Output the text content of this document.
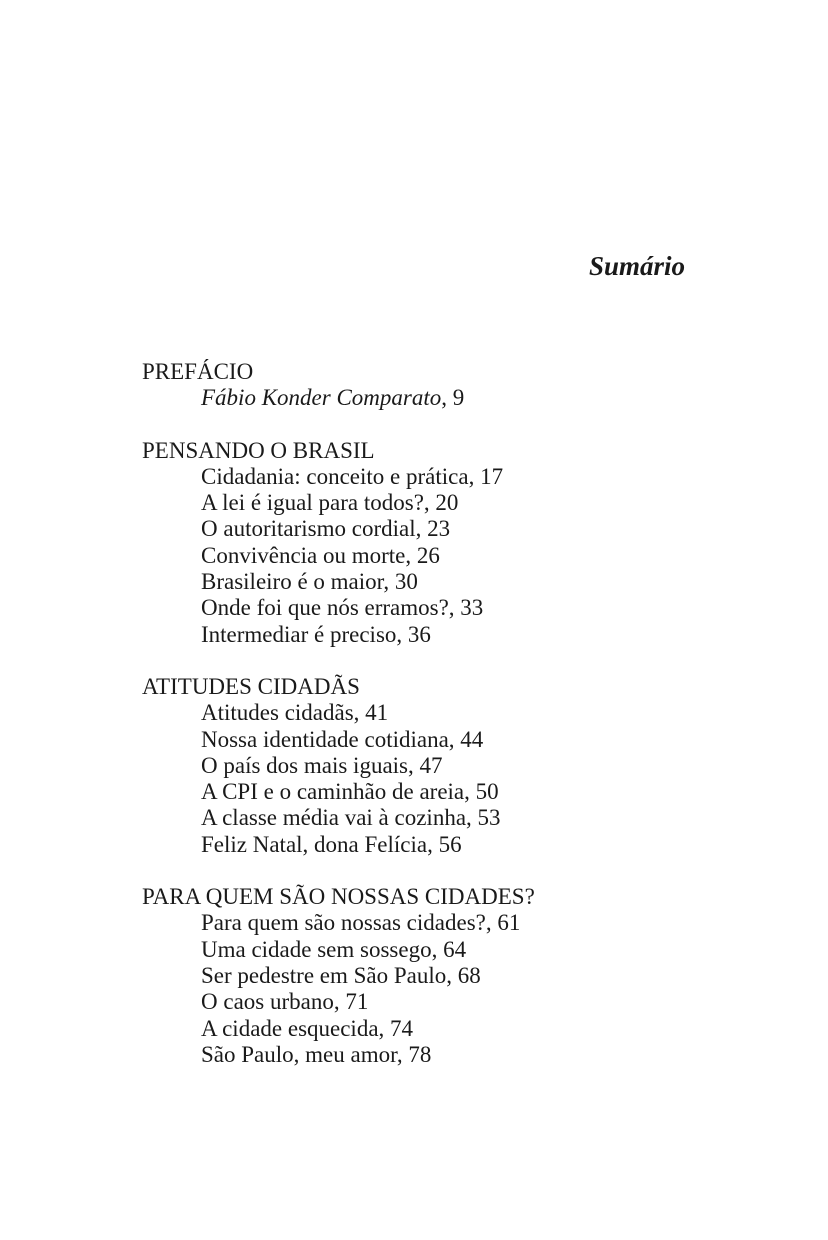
Sumário
PREFÁCIO
Fábio Konder Comparato, 9
PENSANDO O BRASIL
Cidadania: conceito e prática, 17
A lei é igual para todos?, 20
O autoritarismo cordial, 23
Convivência ou morte, 26
Brasileiro é o maior, 30
Onde foi que nós erramos?, 33
Intermediar é preciso, 36
ATITUDES CIDADÃS
Atitudes cidadãs, 41
Nossa identidade cotidiana, 44
O país dos mais iguais, 47
A CPI e o caminhão de areia, 50
A classe média vai à cozinha, 53
Feliz Natal, dona Felícia, 56
PARA QUEM SÃO NOSSAS CIDADES?
Para quem são nossas cidades?, 61
Uma cidade sem sossego, 64
Ser pedestre em São Paulo, 68
O caos urbano, 71
A cidade esquecida, 74
São Paulo, meu amor, 78
